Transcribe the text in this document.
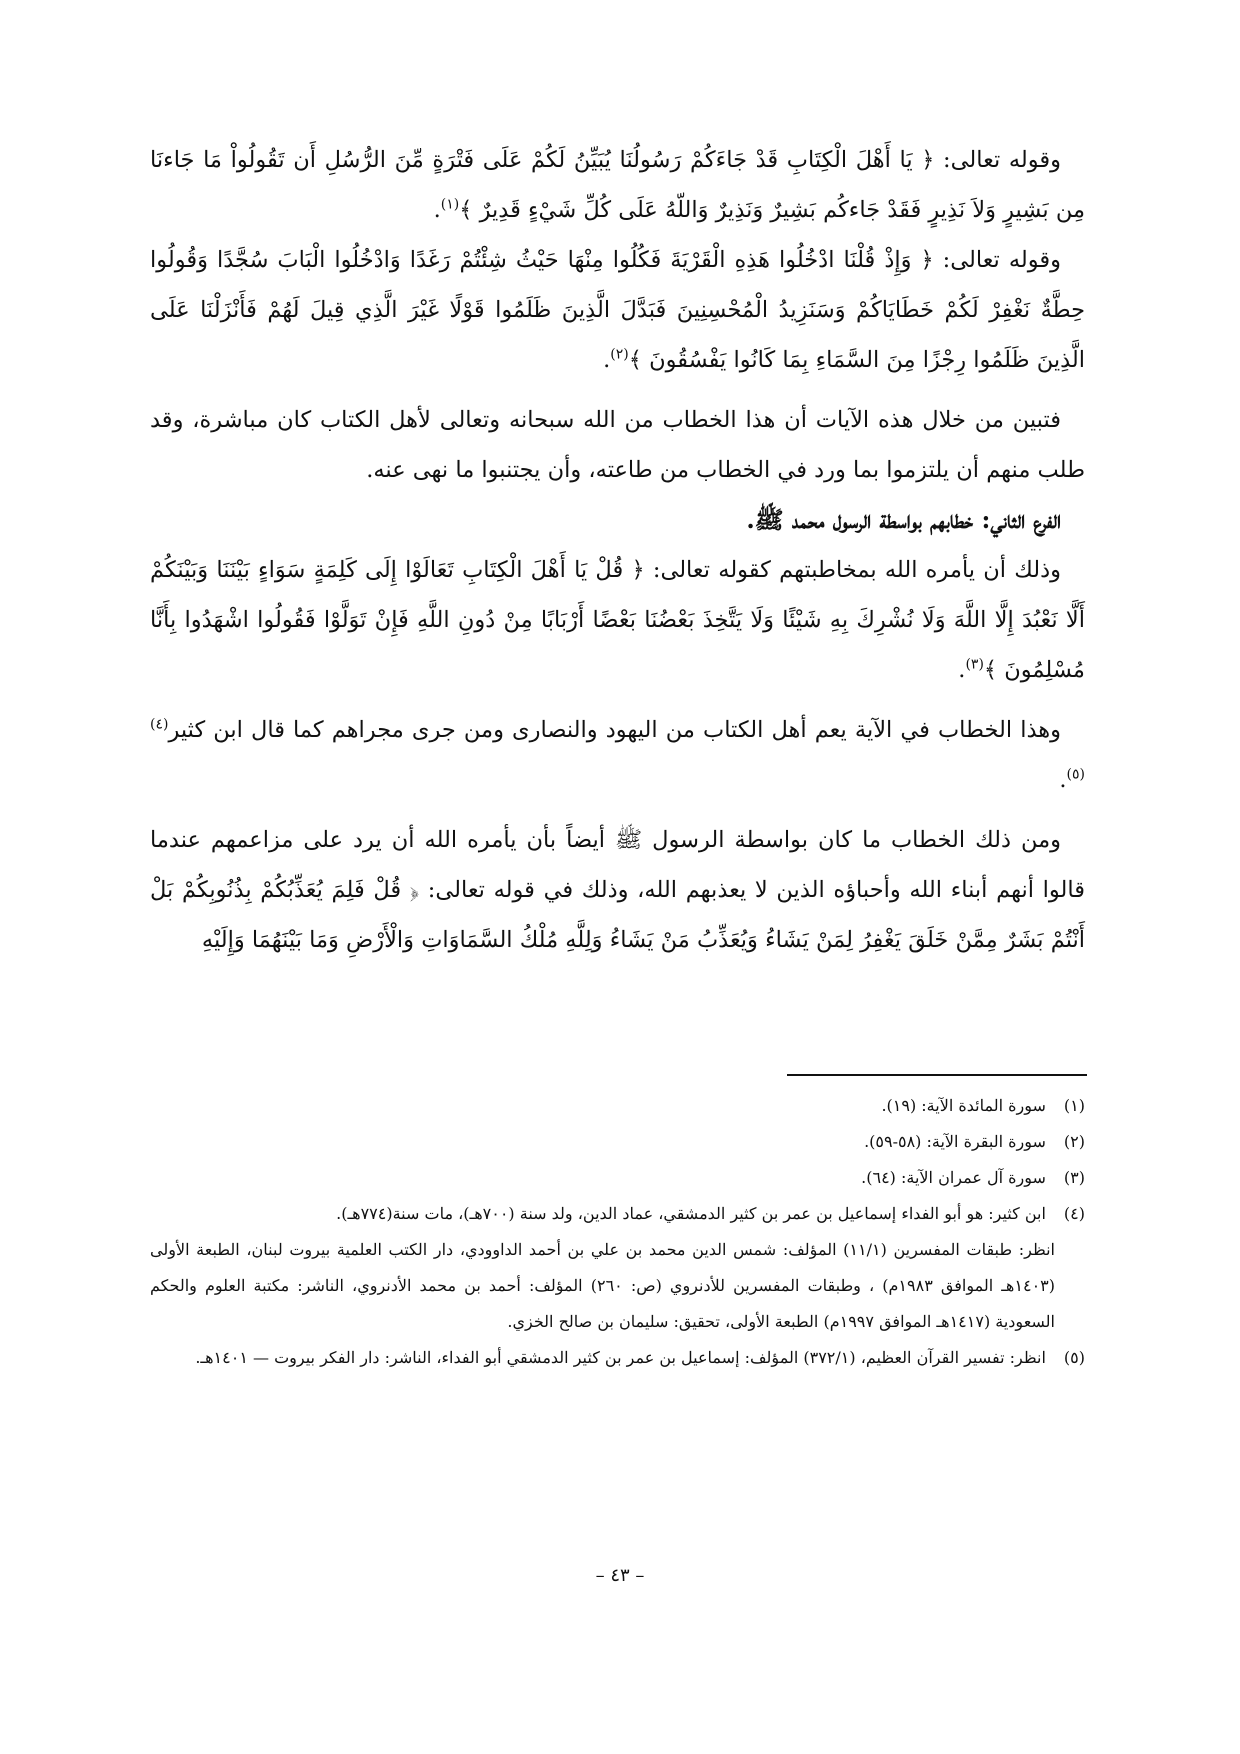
وقوله تعالى: ﴿ يَا أَهْلَ الْكِتَابِ قَدْ جَاءَكُمْ رَسُولُنَا يُبَيِّنُ لَكُمْ عَلَى فَتْرَةٍ مِّنَ الرُّسُلِ أَن تَقُولُواْ مَا جَاءنَا مِن بَشِيرٍ وَلاَ نَذِيرٍ فَقَدْ جَاءكُم بَشِيرٌ وَنَذِيرٌ وَاللّهُ عَلَى كُلِّ شَيْءٍ قَدِيرٌ ﴾$^{(١)}$.

وقوله تعالى: ﴿ وَإِذْ قُلْنَا ادْخُلُوا هَذِهِ الْقَرْيَةَ فَكُلُوا مِنْهَا حَيْثُ شِئْتُمْ رَغَدًا وَادْخُلُوا الْبَابَ سُجَّدًا وَقُولُوا حِطَّةٌ نَغْفِرْ لَكُمْ خَطَايَاكُمْ وَسَنَزِيدُ الْمُحْسِنِينَ فَبَدَّلَ الَّذِينَ ظَلَمُوا قَوْلًا غَيْرَ الَّذِي قِيلَ لَهُمْ فَأَنْزَلْنَا عَلَى الَّذِينَ ظَلَمُوا رِجْزًا مِنَ السَّمَاءِ بِمَا كَانُوا يَفْسُقُونَ ﴾$^{(٢)}$.

فتبين من خلال هذه الآيات أن هذا الخطاب من الله سبحانه وتعالى لأهل الكتاب كان مباشرة، وقد طلب منهم أن يلتزموا بما ورد في الخطاب من طاعته، وأن يجتنبوا ما نهى عنه.

الفرع الثاني: خطابهم بواسطة الرسول محمد ﷺ.

وذلك أن يأمره الله بمخاطبتهم كقوله تعالى: ﴿ قُلْ يَا أَهْلَ الْكِتَابِ تَعَالَوْا إِلَى كَلِمَةٍ سَوَاءٍ بَيْنَنَا وَبَيْنَكُمْ أَلَّا نَعْبُدَ إِلَّا اللَّهَ وَلَا نُشْرِكَ بِهِ شَيْئًا وَلَا يَتَّخِذَ بَعْضُنَا بَعْضًا أَرْبَابًا مِنْ دُونِ اللَّهِ فَإِنْ تَوَلَّوْا فَقُولُوا اشْهَدُوا بِأَنَّا مُسْلِمُونَ ﴾$^{(٣)}$.

وهذا الخطاب في الآية يعم أهل الكتاب من اليهود والنصارى ومن جرى مجراهم كما قال ابن كثير$^{(٤)(٥)}$.

ومن ذلك الخطاب ما كان بواسطة الرسول ﷺ أيضاً بأن يأمره الله أن يرد على مزاعمهم عندما قالوا أنهم أبناء الله وأحباؤه الذين لا يعذبهم الله، وذلك في قوله تعالى: ﴿ قُلْ فَلِمَ يُعَذِّبُكُمْ بِذُنُوبِكُمْ بَلْ أَنْتُمْ بَشَرٌ مِمَّنْ خَلَقَ يَغْفِرُ لِمَنْ يَشَاءُ وَيُعَذِّبُ مَنْ يَشَاءُ وَلِلَّهِ مُلْكُ السَّمَاوَاتِ وَالْأَرْضِ وَمَا بَيْنَهُمَا وَإِلَيْهِ

(١) سورة المائدة الآية: (١٩).
(٢) سورة البقرة الآية: (٥٨-٥٩).
(٣) سورة آل عمران الآية: (٦٤).
(٤) ابن كثير: هو أبو الفداء إسماعيل بن عمر بن كثير الدمشقي، عماد الدين، ولد سنة (٧٠٠هـ)، مات سنة(٧٧٤هـ).
انظر: طبقات المفسرين (١١/١) المؤلف: شمس الدين محمد بن علي بن أحمد الداوودي، دار الكتب العلمية بيروت لبنان، الطبعة الأولى (١٤٠٣هـ الموافق ١٩٨٣م) ، وطبقات المفسرين للأدنروي (ص: ٢٦٠) المؤلف: أحمد بن محمد الأدنروي، الناشر: مكتبة العلوم والحكم السعودية (١٤١٧هـ الموافق ١٩٩٧م) الطبعة الأولى، تحقيق: سليمان بن صالح الخزي.
(٥) انظر: تفسير القرآن العظيم، (٣٧٢/١) المؤلف: إسماعيل بن عمر بن كثير الدمشقي أبو الفداء، الناشر: دار الفكر بيروت — ١٤٠١هـ.
– ٤٣ –
